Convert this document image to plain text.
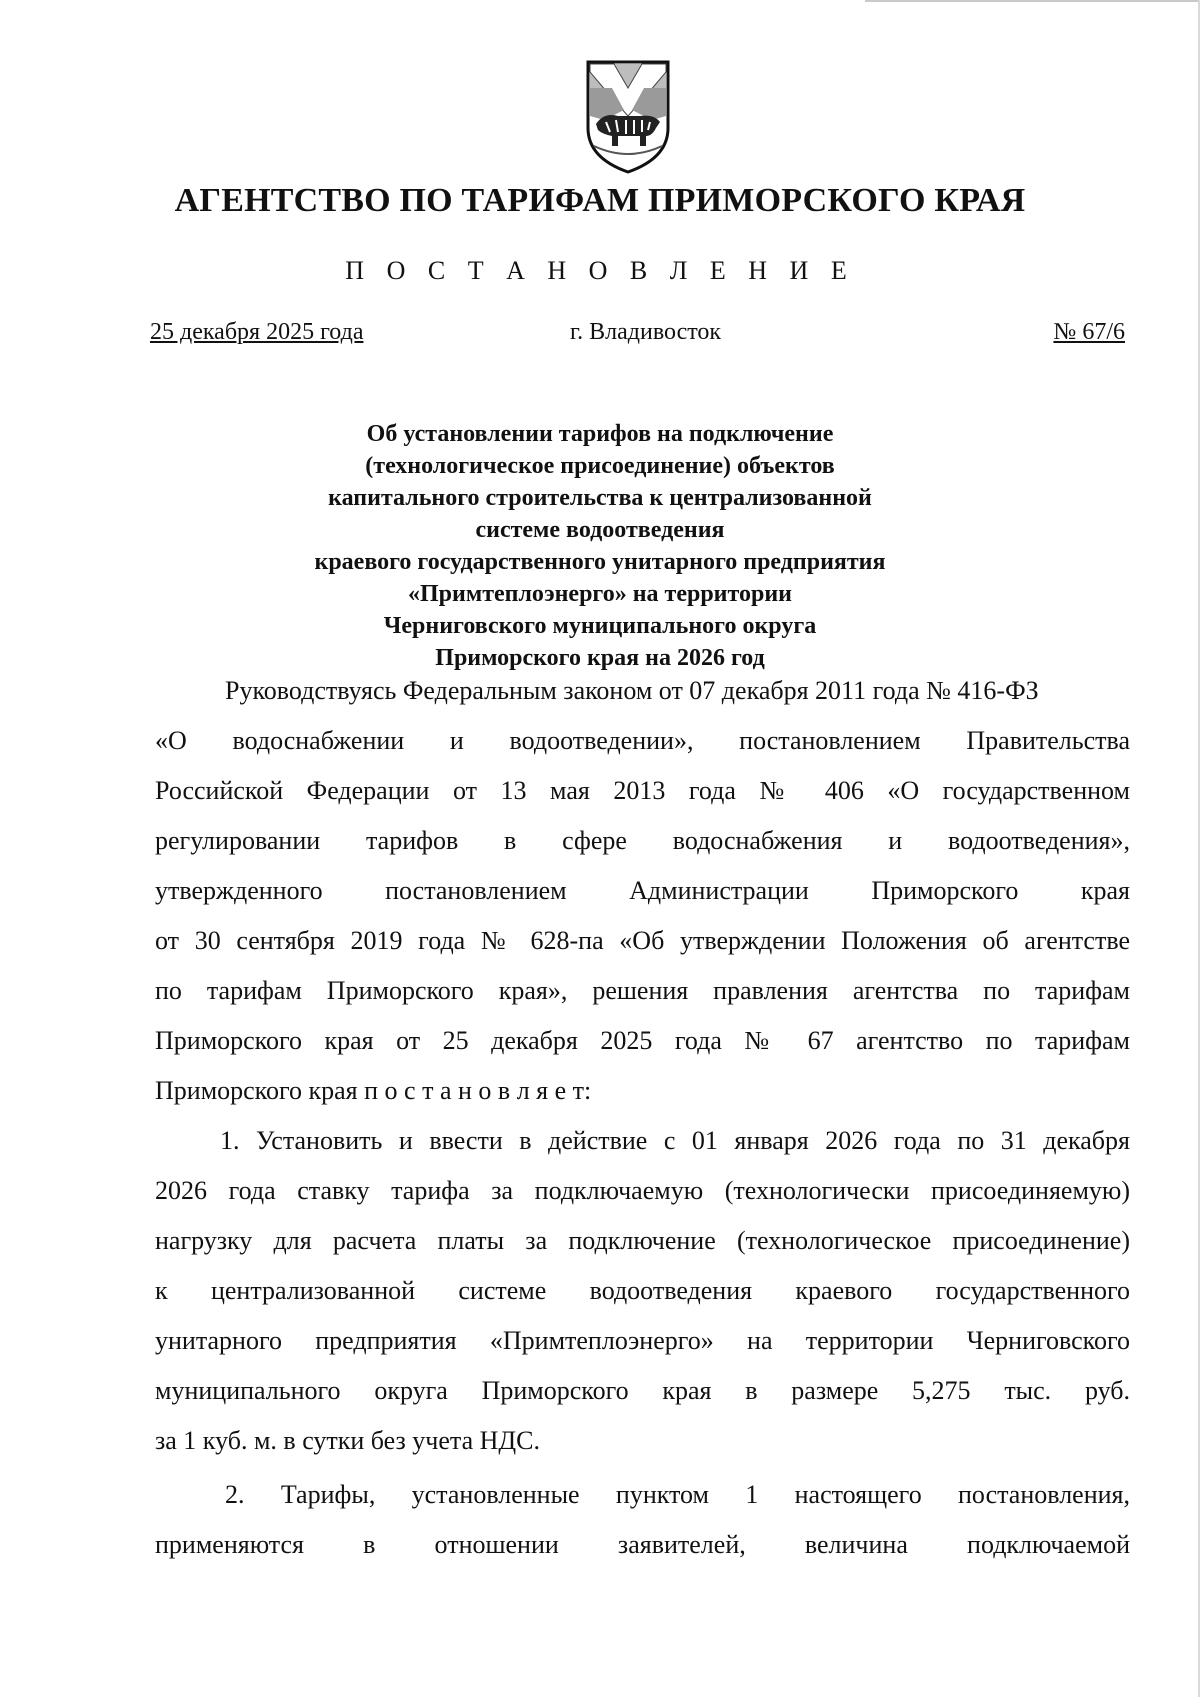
АГЕНТСТВО ПО ТАРИФАМ ПРИМОРСКОГО КРАЯ
П О С Т А Н О В Л Е Н И Е
25 декабря 2025 года	г. Владивосток	№ 67/6
Об установлении тарифов на подключение
(технологическое присоединение) объектов
капитального строительства к централизованной
системе водоотведения
краевого государственного унитарного предприятия
«Примтеплоэнерго» на территории
Черниговского муниципального округа
Приморского края на 2026 год
Руководствуясь Федеральным законом от 07 декабря 2011 года № 416-ФЗ
«О водоснабжении и водоотведении», постановлением Правительства
Российской Федерации от 13 мая 2013 года № 406 «О государственном
регулировании тарифов в сфере водоснабжения и водоотведения»,
утвержденного постановлением Администрации Приморского края
от 30 сентября 2019 года № 628-па «Об утверждении Положения об агентстве
по тарифам Приморского края», решения правления агентства по тарифам
Приморского края от 25 декабря 2025 года № 67 агентство по тарифам
Приморского края п о с т а н о в л я е т:
1. Установить и ввести в действие с 01 января 2026 года по 31 декабря
2026 года ставку тарифа за подключаемую (технологически присоединяемую)
нагрузку для расчета платы за подключение (технологическое присоединение)
к централизованной системе водоотведения краевого государственного
унитарного предприятия «Примтеплоэнерго» на территории Черниговского
муниципального округа Приморского края в размере 5,275 тыс. руб.
за 1 куб. м. в сутки без учета НДС.
2. Тарифы, установленные пунктом 1 настоящего постановления,
применяются в отношении заявителей, величина подключаемой
